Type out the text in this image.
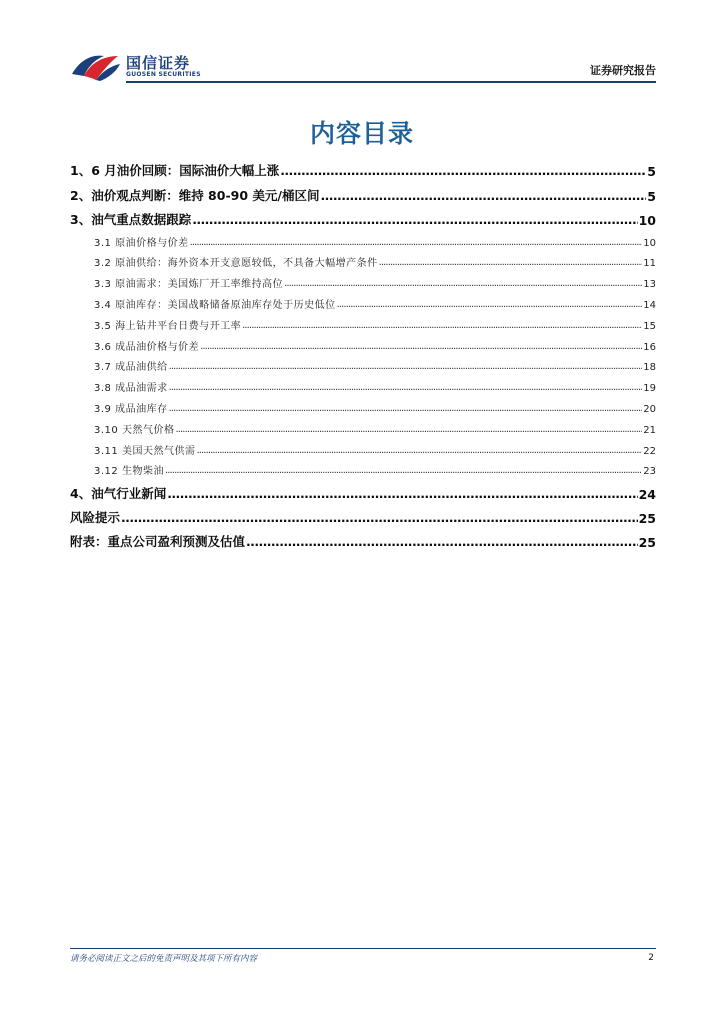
国信证券
GUOSEN SECURITIES	证券研究报告
内容目录
1、6 月油价回顾：国际油价大幅上涨 .....	5
2、油价观点判断：维持 80-90 美元/桶区间 .....	5
3、油气重点数据跟踪 .....	10
3.1 原油价格与价差 .....	10
3.2 原油供给：海外资本开支意愿较低，不具备大幅增产条件 .....	11
3.3 原油需求：美国炼厂开工率维持高位 .....	13
3.4 原油库存：美国战略储备原油库存处于历史低位 .....	14
3.5 海上钻井平台日费与开工率 .....	15
3.6 成品油价格与价差 .....	16
3.7 成品油供给 .....	18
3.8 成品油需求 .....	19
3.9 成品油库存 .....	20
3.10 天然气价格 .....	21
3.11 美国天然气供需 .....	22
3.12 生物柴油 .....	23
4、油气行业新闻 .....	24
风险提示 .....	25
附表：重点公司盈利预测及估值 .....	25
请务必阅读正文之后的免责声明及其项下所有内容	2
